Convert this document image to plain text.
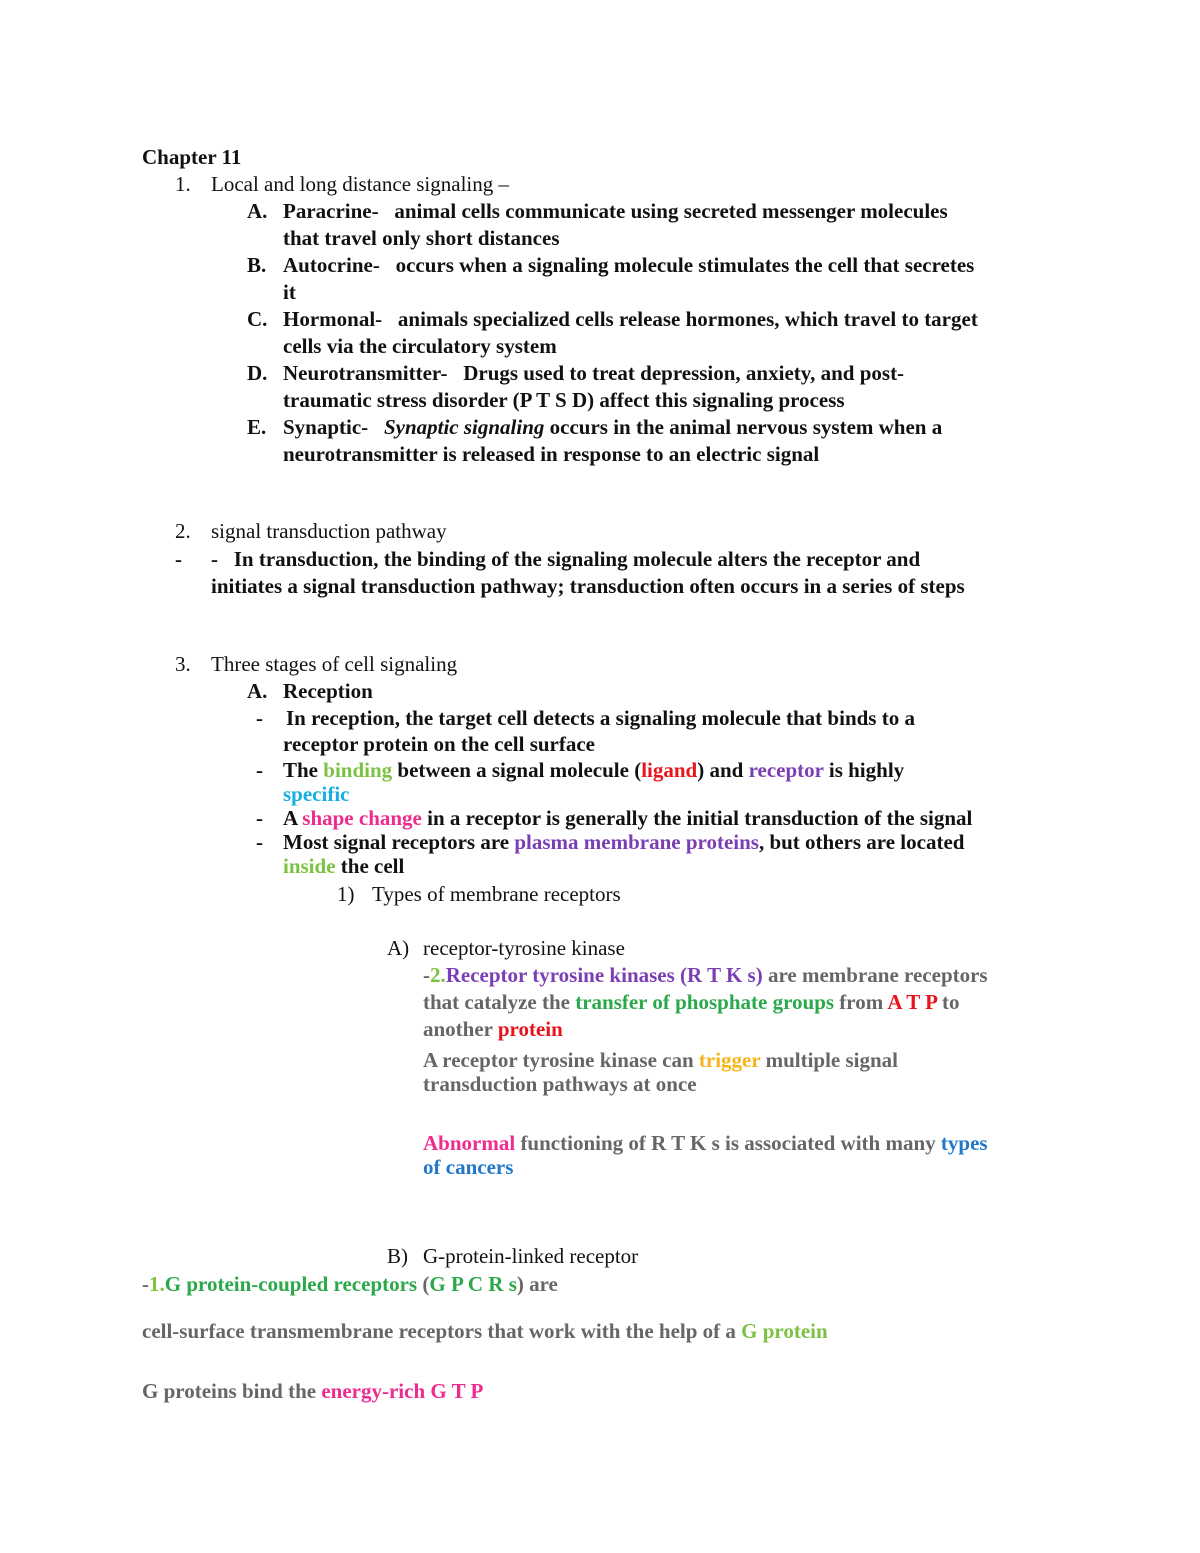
Chapter 11
1. Local and long distance signaling –
A. Paracrine- animal cells communicate using secreted messenger molecules
that travel only short distances
B. Autocrine- occurs when a signaling molecule stimulates the cell that secretes
it
C. Hormonal- animals specialized cells release hormones, which travel to target
cells via the circulatory system
D. Neurotransmitter- Drugs used to treat depression, anxiety, and post-
traumatic stress disorder (P T S D) affect this signaling process
E. Synaptic- Synaptic signaling occurs in the animal nervous system when a
neurotransmitter is released in response to an electric signal
2. signal transduction pathway
- - In transduction, the binding of the signaling molecule alters the receptor and
initiates a signal transduction pathway; transduction often occurs in a series of steps
3. Three stages of cell signaling
A. Reception
- In reception, the target cell detects a signaling molecule that binds to a
receptor protein on the cell surface
- The binding between a signal molecule (ligand) and receptor is highly
specific
- A shape change in a receptor is generally the initial transduction of the signal
- Most signal receptors are plasma membrane proteins, but others are located
inside the cell
1) Types of membrane receptors
A) receptor-tyrosine kinase
-2.Receptor tyrosine kinases (R T K s) are membrane receptors
that catalyze the transfer of phosphate groups from A T P to
another protein
A receptor tyrosine kinase can trigger multiple signal
transduction pathways at once
Abnormal functioning of R T K s is associated with many types
of cancers
B) G-protein-linked receptor
-1.G protein-coupled receptors (G P C R s) are
cell-surface transmembrane receptors that work with the help of a G protein
G proteins bind the energy-rich G T P
